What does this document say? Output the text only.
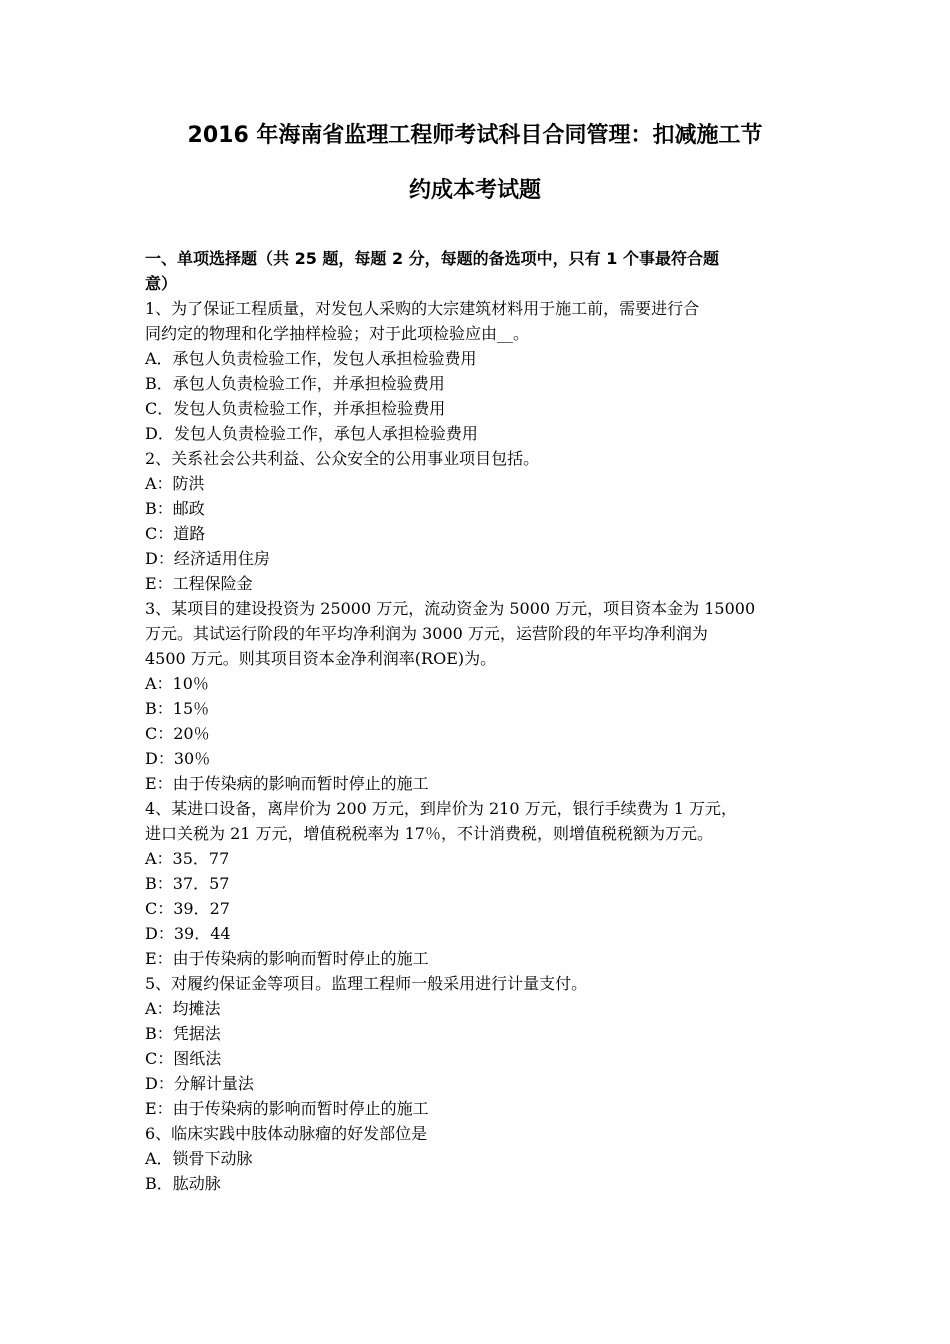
2016 年海南省监理工程师考试科目合同管理：扣减施工节
约成本考试题
一、单项选择题（共 25 题，每题 2 分，每题的备选项中，只有 1 个事最符合题
意）
1、为了保证工程质量，对发包人采购的大宗建筑材料用于施工前，需要进行合
同约定的物理和化学抽样检验；对于此项检验应由__。
A．承包人负责检验工作，发包人承担检验费用
B．承包人负责检验工作，并承担检验费用
C．发包人负责检验工作，并承担检验费用
D．发包人负责检验工作，承包人承担检验费用
2、关系社会公共利益、公众安全的公用事业项目包括。
A：防洪
B：邮政
C：道路
D：经济适用住房
E：工程保险金
3、某项目的建设投资为 25000 万元，流动资金为 5000 万元，项目资本金为 15000
万元。其试运行阶段的年平均净利润为 3000 万元，运营阶段的年平均净利润为
4500 万元。则其项目资本金净利润率(ROE)为。
A：10％
B：15％
C：20％
D：30％
E：由于传染病的影响而暂时停止的施工
4、某进口设备，离岸价为 200 万元，到岸价为 210 万元，银行手续费为 1 万元，
进口关税为 21 万元，增值税税率为 17％，不计消费税，则增值税税额为万元。
A：35．77
B：37．57
C：39．27
D：39．44
E：由于传染病的影响而暂时停止的施工
5、对履约保证金等项目。监理工程师一般采用进行计量支付。
A：均摊法
B：凭据法
C：图纸法
D：分解计量法
E：由于传染病的影响而暂时停止的施工
6、临床实践中肢体动脉瘤的好发部位是
A．锁骨下动脉
B．肱动脉
